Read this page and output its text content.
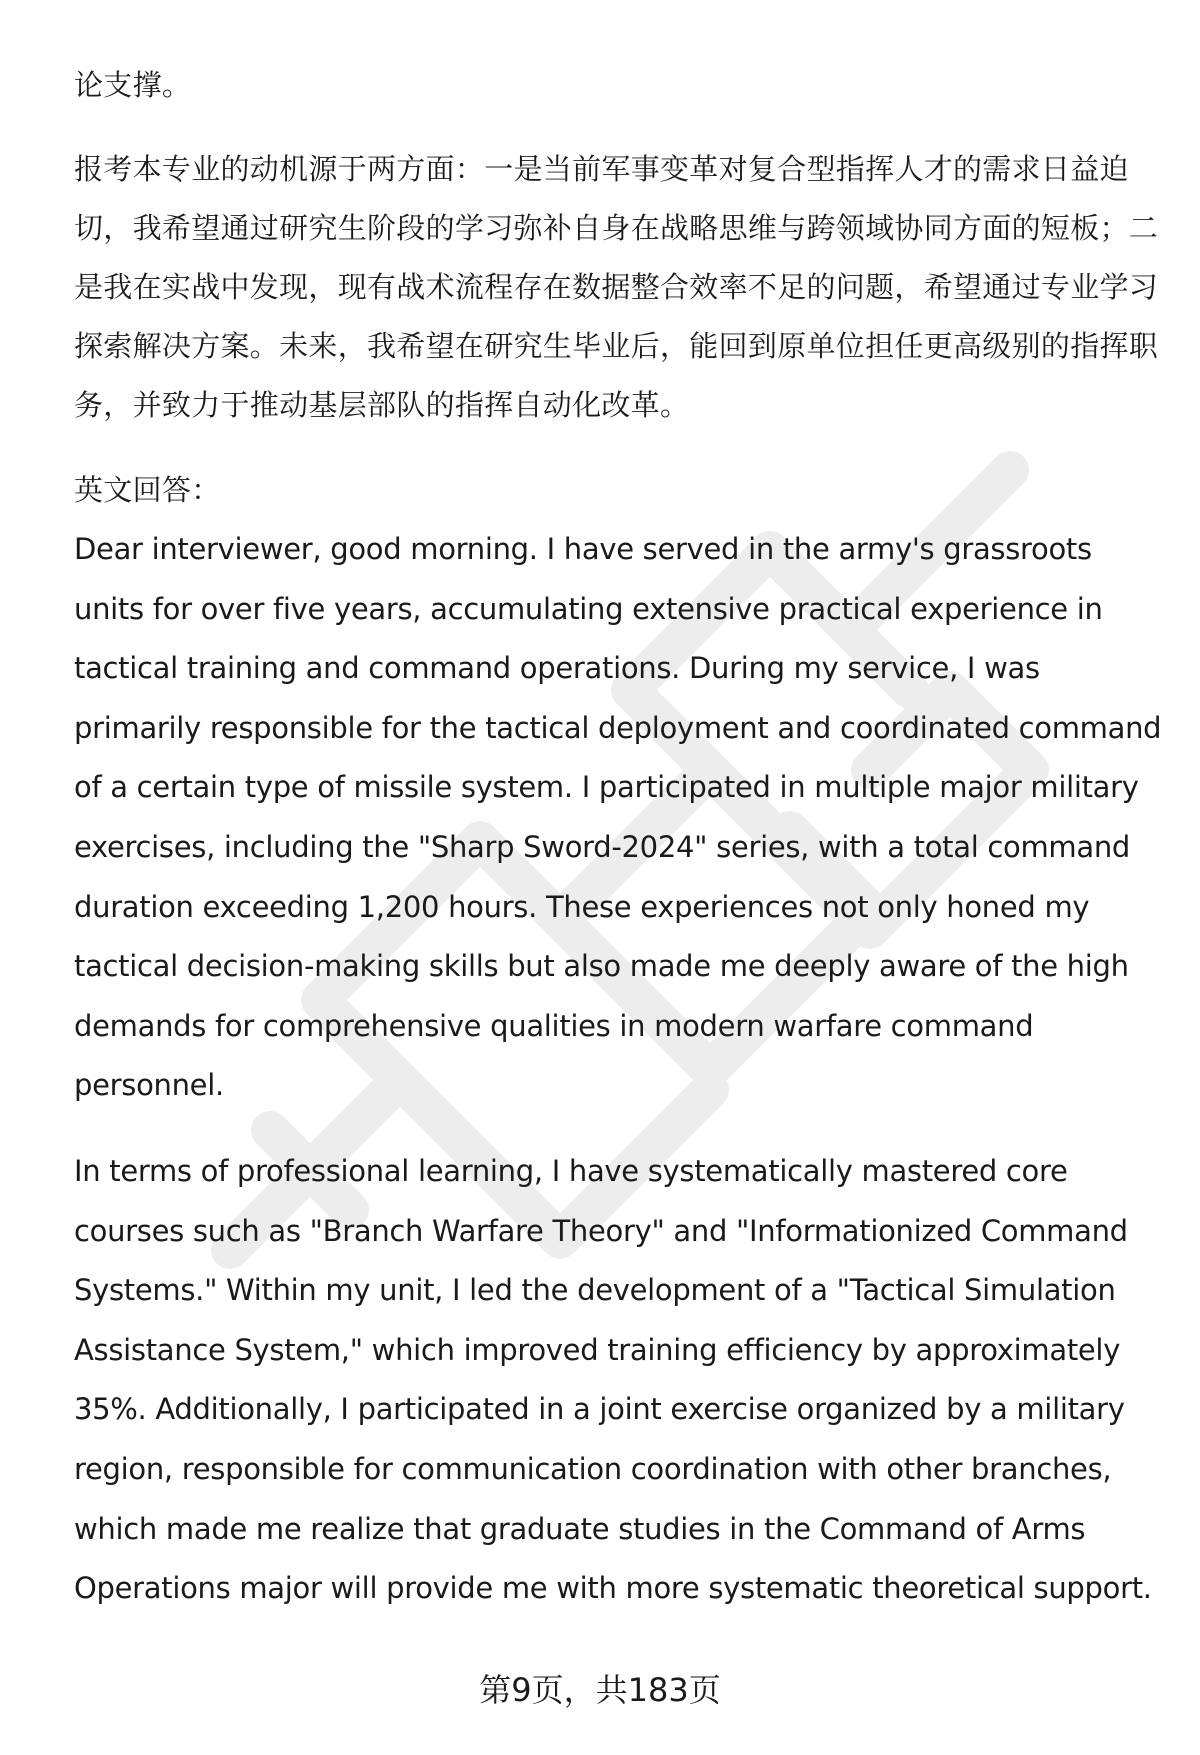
论支撑。

报考本专业的动机源于两方面：一是当前军事变革对复合型指挥人才的需求日益迫切，我希望通过研究生阶段的学习弥补自身在战略思维与跨领域协同方面的短板；二是我在实战中发现，现有战术流程存在数据整合效率不足的问题，希望通过专业学习探索解决方案。未来，我希望在研究生毕业后，能回到原单位担任更高级别的指挥职务，并致力于推动基层部队的指挥自动化改革。

英文回答：

Dear interviewer, good morning. I have served in the army's grassroots units for over five years, accumulating extensive practical experience in tactical training and command operations. During my service, I was primarily responsible for the tactical deployment and coordinated command of a certain type of missile system. I participated in multiple major military exercises, including the "Sharp Sword-2024" series, with a total command duration exceeding 1,200 hours. These experiences not only honed my tactical decision-making skills but also made me deeply aware of the high demands for comprehensive qualities in modern warfare command personnel.

In terms of professional learning, I have systematically mastered core courses such as "Branch Warfare Theory" and "Informationized Command Systems." Within my unit, I led the development of a "Tactical Simulation Assistance System," which improved training efficiency by approximately 35%. Additionally, I participated in a joint exercise organized by a military region, responsible for communication coordination with other branches, which made me realize that graduate studies in the Command of Arms Operations major will provide me with more systematic theoretical support.

第9页，共183页
